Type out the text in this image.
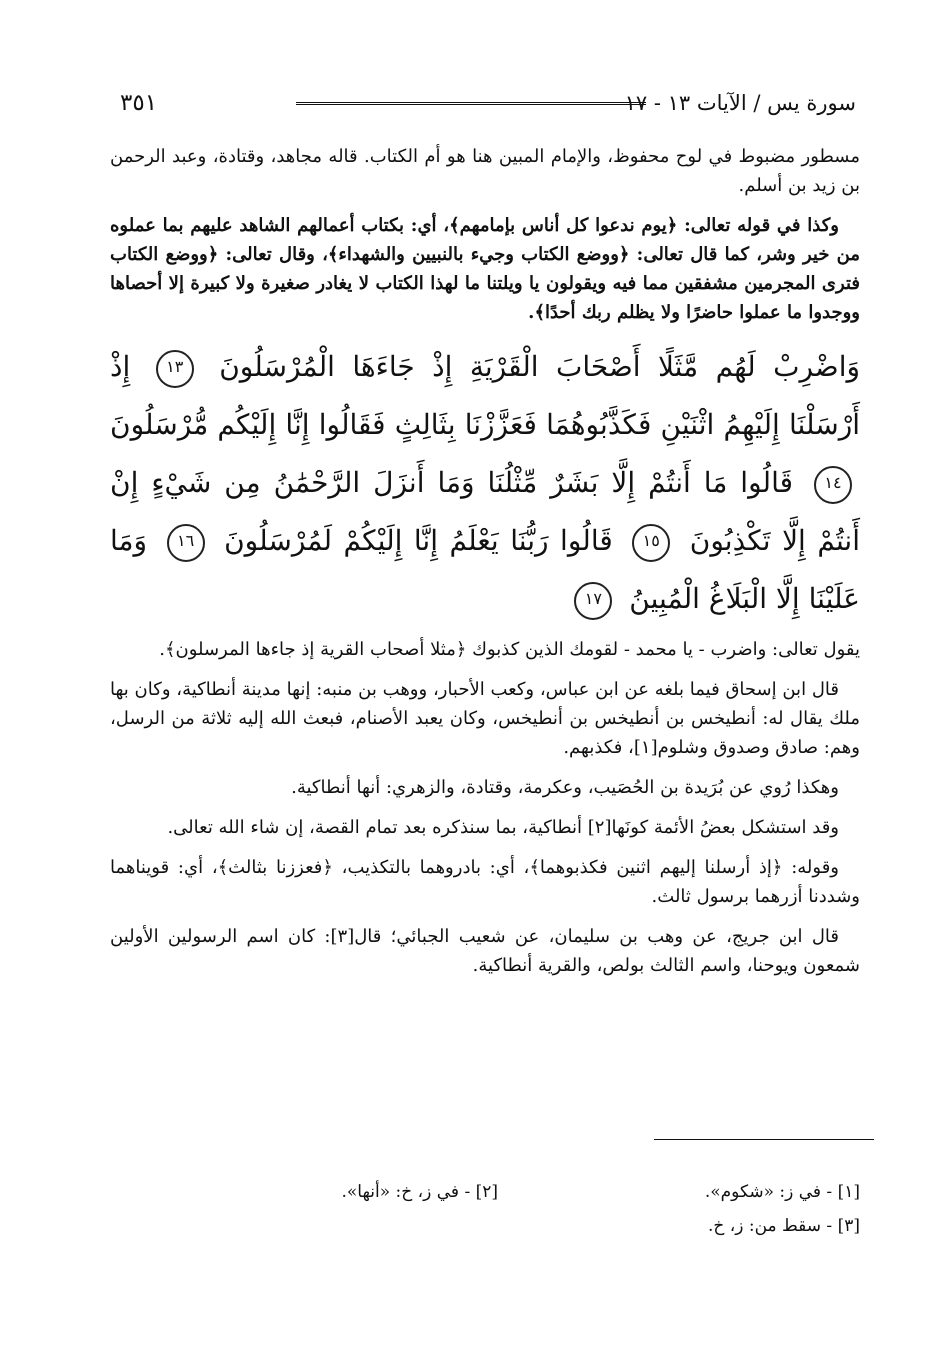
٣٥١	سورة يس / الآيات ١٣ - ١٧

مسطور مضبوط في لوح محفوظ، والإمام المبين هنا هو أم الكتاب. قاله مجاهد، وقتادة، وعبد الرحمن بن زيد بن أسلم.

وكذا في قوله تعالى: ﴿يوم ندعوا كل أناس بإمامهم﴾، أي: بكتاب أعمالهم الشاهد عليهم بما عملوه من خير وشر، كما قال تعالى: ﴿ووضع الكتاب وجيء بالنبيين والشهداء﴾، وقال تعالى: ﴿ووضع الكتاب فترى المجرمين مشفقين مما فيه ويقولون يا ويلتنا ما لهذا الكتاب لا يغادر صغيرة ولا كبيرة إلا أحصاها ووجدوا ما عملوا حاضرًا ولا يظلم ربك أحدًا﴾.

وَاضْرِبْ لَهُم مَّثَلًا أَصْحَابَ الْقَرْيَةِ إِذْ جَاءَهَا الْمُرْسَلُونَ ١٣ إِذْ أَرْسَلْنَا إِلَيْهِمُ اثْنَيْنِ فَكَذَّبُوهُمَا فَعَزَّزْنَا بِثَالِثٍ فَقَالُوا إِنَّا إِلَيْكُم مُّرْسَلُونَ ١٤ قَالُوا مَا أَنتُمْ إِلَّا بَشَرٌ مِّثْلُنَا وَمَا أَنزَلَ الرَّحْمَٰنُ مِن شَيْءٍ إِنْ أَنتُمْ إِلَّا تَكْذِبُونَ ١٥ قَالُوا رَبُّنَا يَعْلَمُ إِنَّا إِلَيْكُمْ لَمُرْسَلُونَ ١٦ وَمَا عَلَيْنَا إِلَّا الْبَلَاغُ الْمُبِينُ ١٧

يقول تعالى: واضرب - يا محمد - لقومك الذين كذبوك ﴿مثلا أصحاب القرية إذ جاءها المرسلون﴾.

قال ابن إسحاق فيما بلغه عن ابن عباس، وكعب الأحبار، ووهب بن منبه: إنها مدينة أنطاكية، وكان بها ملك يقال له: أنطيخس بن أنطيخس بن أنطيخس، وكان يعبد الأصنام، فبعث الله إليه ثلاثة من الرسل، وهم: صادق وصدوق وشلوم[١]، فكذبهم.

وهكذا رُوي عن بُرَيدة بن الحُصَيب، وعكرمة، وقتادة، والزهري: أنها أنطاكية.

وقد استشكل بعضُ الأئمة كونَها[٢] أنطاكية، بما سنذكره بعد تمام القصة، إن شاء الله تعالى.

وقوله: ﴿إذ أرسلنا إليهم اثنين فكذبوهما﴾، أي: بادروهما بالتكذيب، ﴿فعززنا بثالث﴾، أي: قويناهما وشددنا أزرهما برسول ثالث.

قال ابن جريج، عن وهب بن سليمان، عن شعيب الجبائي؛ قال[٣]: كان اسم الرسولين الأولين شمعون ويوحنا، واسم الثالث بولص، والقرية أنطاكية.

[١] - في ز: «شكوم».
[٢] - في ز، خ: «أنها».
[٣] - سقط من: ز، خ.
